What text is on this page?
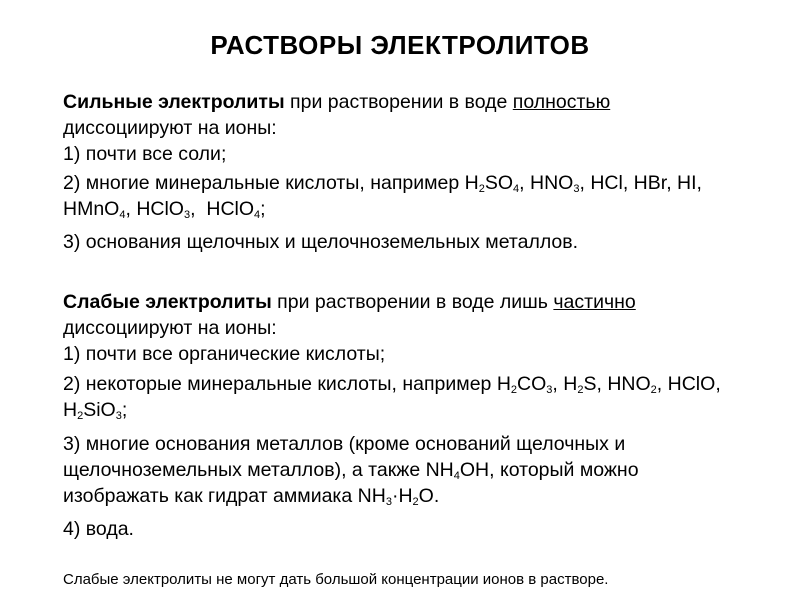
РАСТВОРЫ ЭЛЕКТРОЛИТОВ
Сильные электролиты при растворении в воде полностью диссоциируют на ионы:
1) почти все соли;
2) многие минеральные кислоты, например $H_2SO_4$, $HNO_3$, HCl, HBr, HI, HMnO$_4$, HClO$_3$,  HClO$_4$;
3) основания щелочных и щелочноземельных металлов.
Слабые электролиты при растворении в воде лишь частично диссоциируют на ионы:
1) почти все органические кислоты;
2) некоторые минеральные кислоты, например $H_2CO_3$, $H_2S$, $HNO_2$, HClO, $H_2SiO_3$;
3) многие основания металлов (кроме оснований щелочных и щелочноземельных металлов), а также $NH_4OH$, который можно изображать как гидрат аммиака $NH_3\cdot H_2O$.
4) вода.
Слабые электролиты не могут дать большой концентрации ионов в растворе.
